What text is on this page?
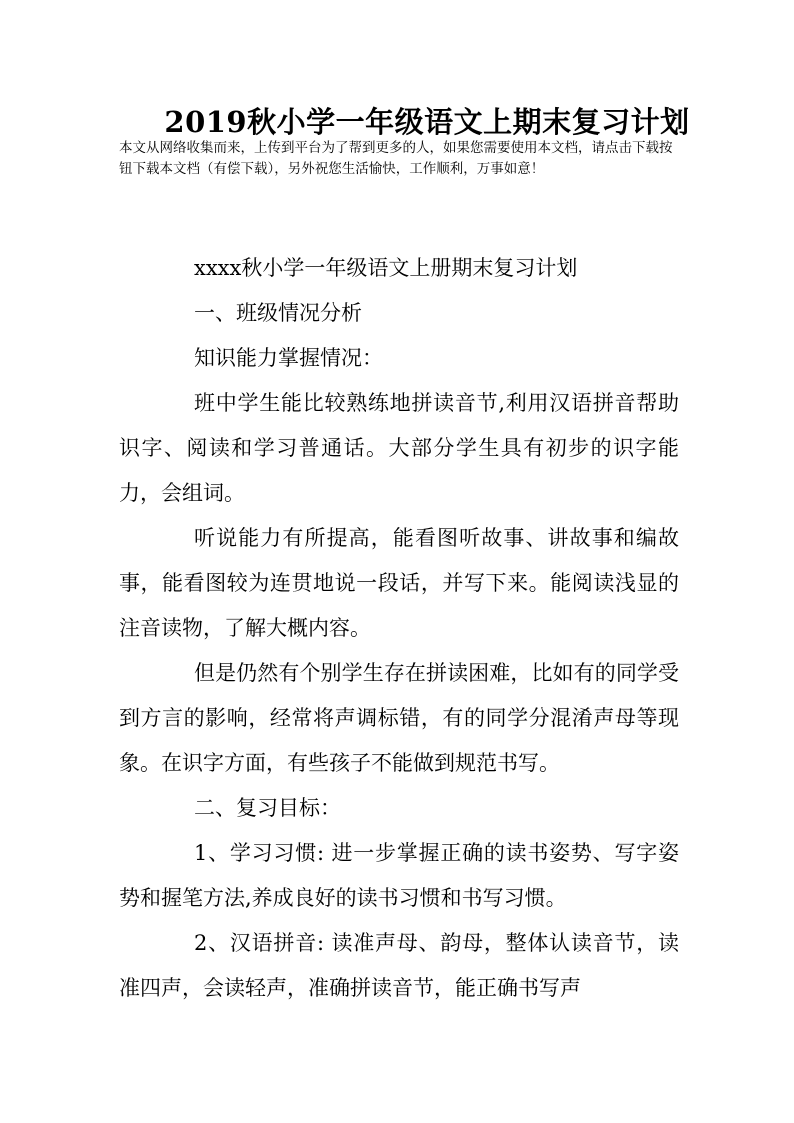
2019秋小学一年级语文上期末复习计划
本文从网络收集而来，上传到平台为了帮到更多的人，如果您需要使用本文档，请点击下载按钮下载本文档（有偿下载），另外祝您生活愉快，工作顺利，万事如意！

xxxx秋小学一年级语文上册期末复习计划

一、班级情况分析

知识能力掌握情况：

班中学生能比较熟练地拼读音节,利用汉语拼音帮助识字、阅读和学习普通话。大部分学生具有初步的识字能力，会组词。

听说能力有所提高，能看图听故事、讲故事和编故事，能看图较为连贯地说一段话，并写下来。能阅读浅显的注音读物，了解大概内容。

但是仍然有个别学生存在拼读困难，比如有的同学受到方言的影响，经常将声调标错，有的同学分混淆声母等现象。在识字方面，有些孩子不能做到规范书写。

二、复习目标：

1、学习习惯: 进一步掌握正确的读书姿势、写字姿势和握笔方法,养成良好的读书习惯和书写习惯。

2、汉语拼音: 读准声母、韵母，整体认读音节，读准四声，会读轻声，准确拼读音节，能正确书写声
